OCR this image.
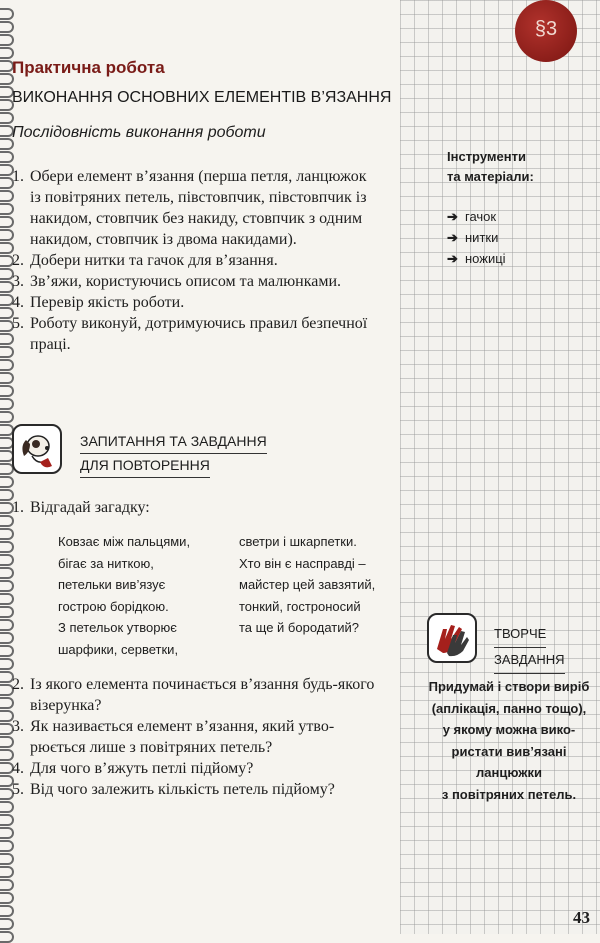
§3
Практична робота
ВИКОНАННЯ ОСНОВНИХ ЕЛЕМЕНТІВ В’ЯЗАННЯ
Послідовність виконання роботи
1. Обери елемент в’язання (перша петля, ланцюжок
із повітряних петель, півстовпчик, півстовпчик із
накидом, стовпчик без накиду, стовпчик з одним
накидом, стовпчик із двома накидами).
2. Добери нитки та гачок для в’язання.
3. Зв’яжи, користуючись описом та малюнками.
4. Перевір якість роботи.
5. Роботу виконуй, дотримуючись правил безпечної
праці.
Інструменти
та матеріали:
➔ гачок
➔ нитки
➔ ножиці
ЗАПИТАННЯ ТА ЗАВДАННЯ
ДЛЯ ПОВТОРЕННЯ
1. Відгадай загадку:
Ковзає між пальцями,
бігає за ниткою,
петельки вив’язує
гострою борідкою.
З петельок утворює
шарфики, серветки,
светри і шкарпетки.
Хто він є насправді –
майстер цей завзятий,
тонкий, гостроносий
та ще й бородатий?
2. Із якого елемента починається в’язання будь-якого
візерунка?
3. Як називається елемент в’язання, який утво-
рюється лише з повітряних петель?
4. Для чого в’яжуть петлі підйому?
5. Від чого залежить кількість петель підйому?
ТВОРЧЕ
ЗАВДАННЯ
Придумай і створи виріб
(аплікація, панно тощо),
у якому можна вико-
ристати вив’язані
ланцюжки
з повітряних петель.
43
